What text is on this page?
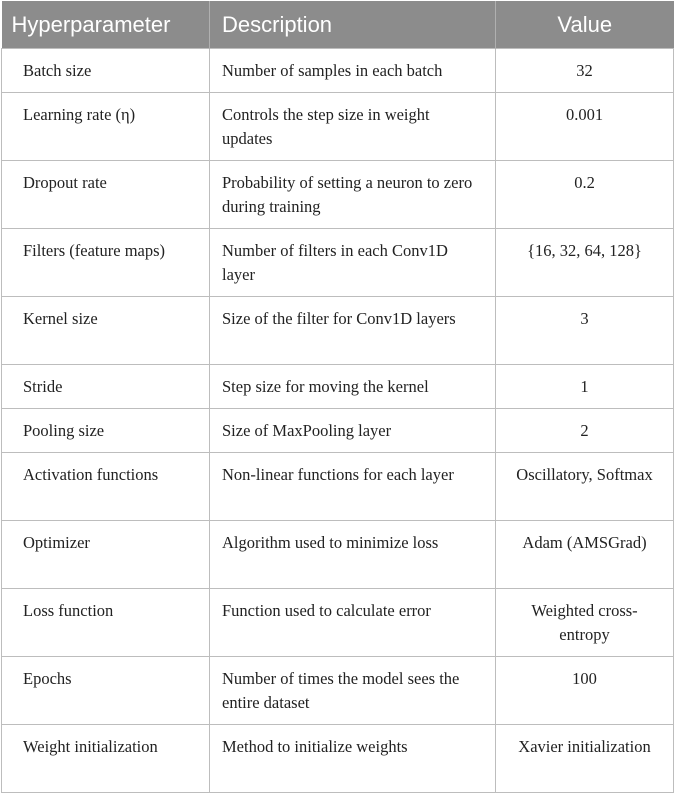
Hyperparameter	Description	Value
Batch size	Number of samples in each batch	32
Learning rate (η)	Controls the step size in weight updates	0.001
Dropout rate	Probability of setting a neuron to zero during training	0.2
Filters (feature maps)	Number of filters in each Conv1D layer	{16, 32, 64, 128}
Kernel size	Size of the filter for Conv1D layers	3
Stride	Step size for moving the kernel	1
Pooling size	Size of MaxPooling layer	2
Activation functions	Non-linear functions for each layer	Oscillatory, Softmax
Optimizer	Algorithm used to minimize loss	Adam (AMSGrad)
Loss function	Function used to calculate error	Weighted cross-entropy
Epochs	Number of times the model sees the entire dataset	100
Weight initialization	Method to initialize weights	Xavier initialization
